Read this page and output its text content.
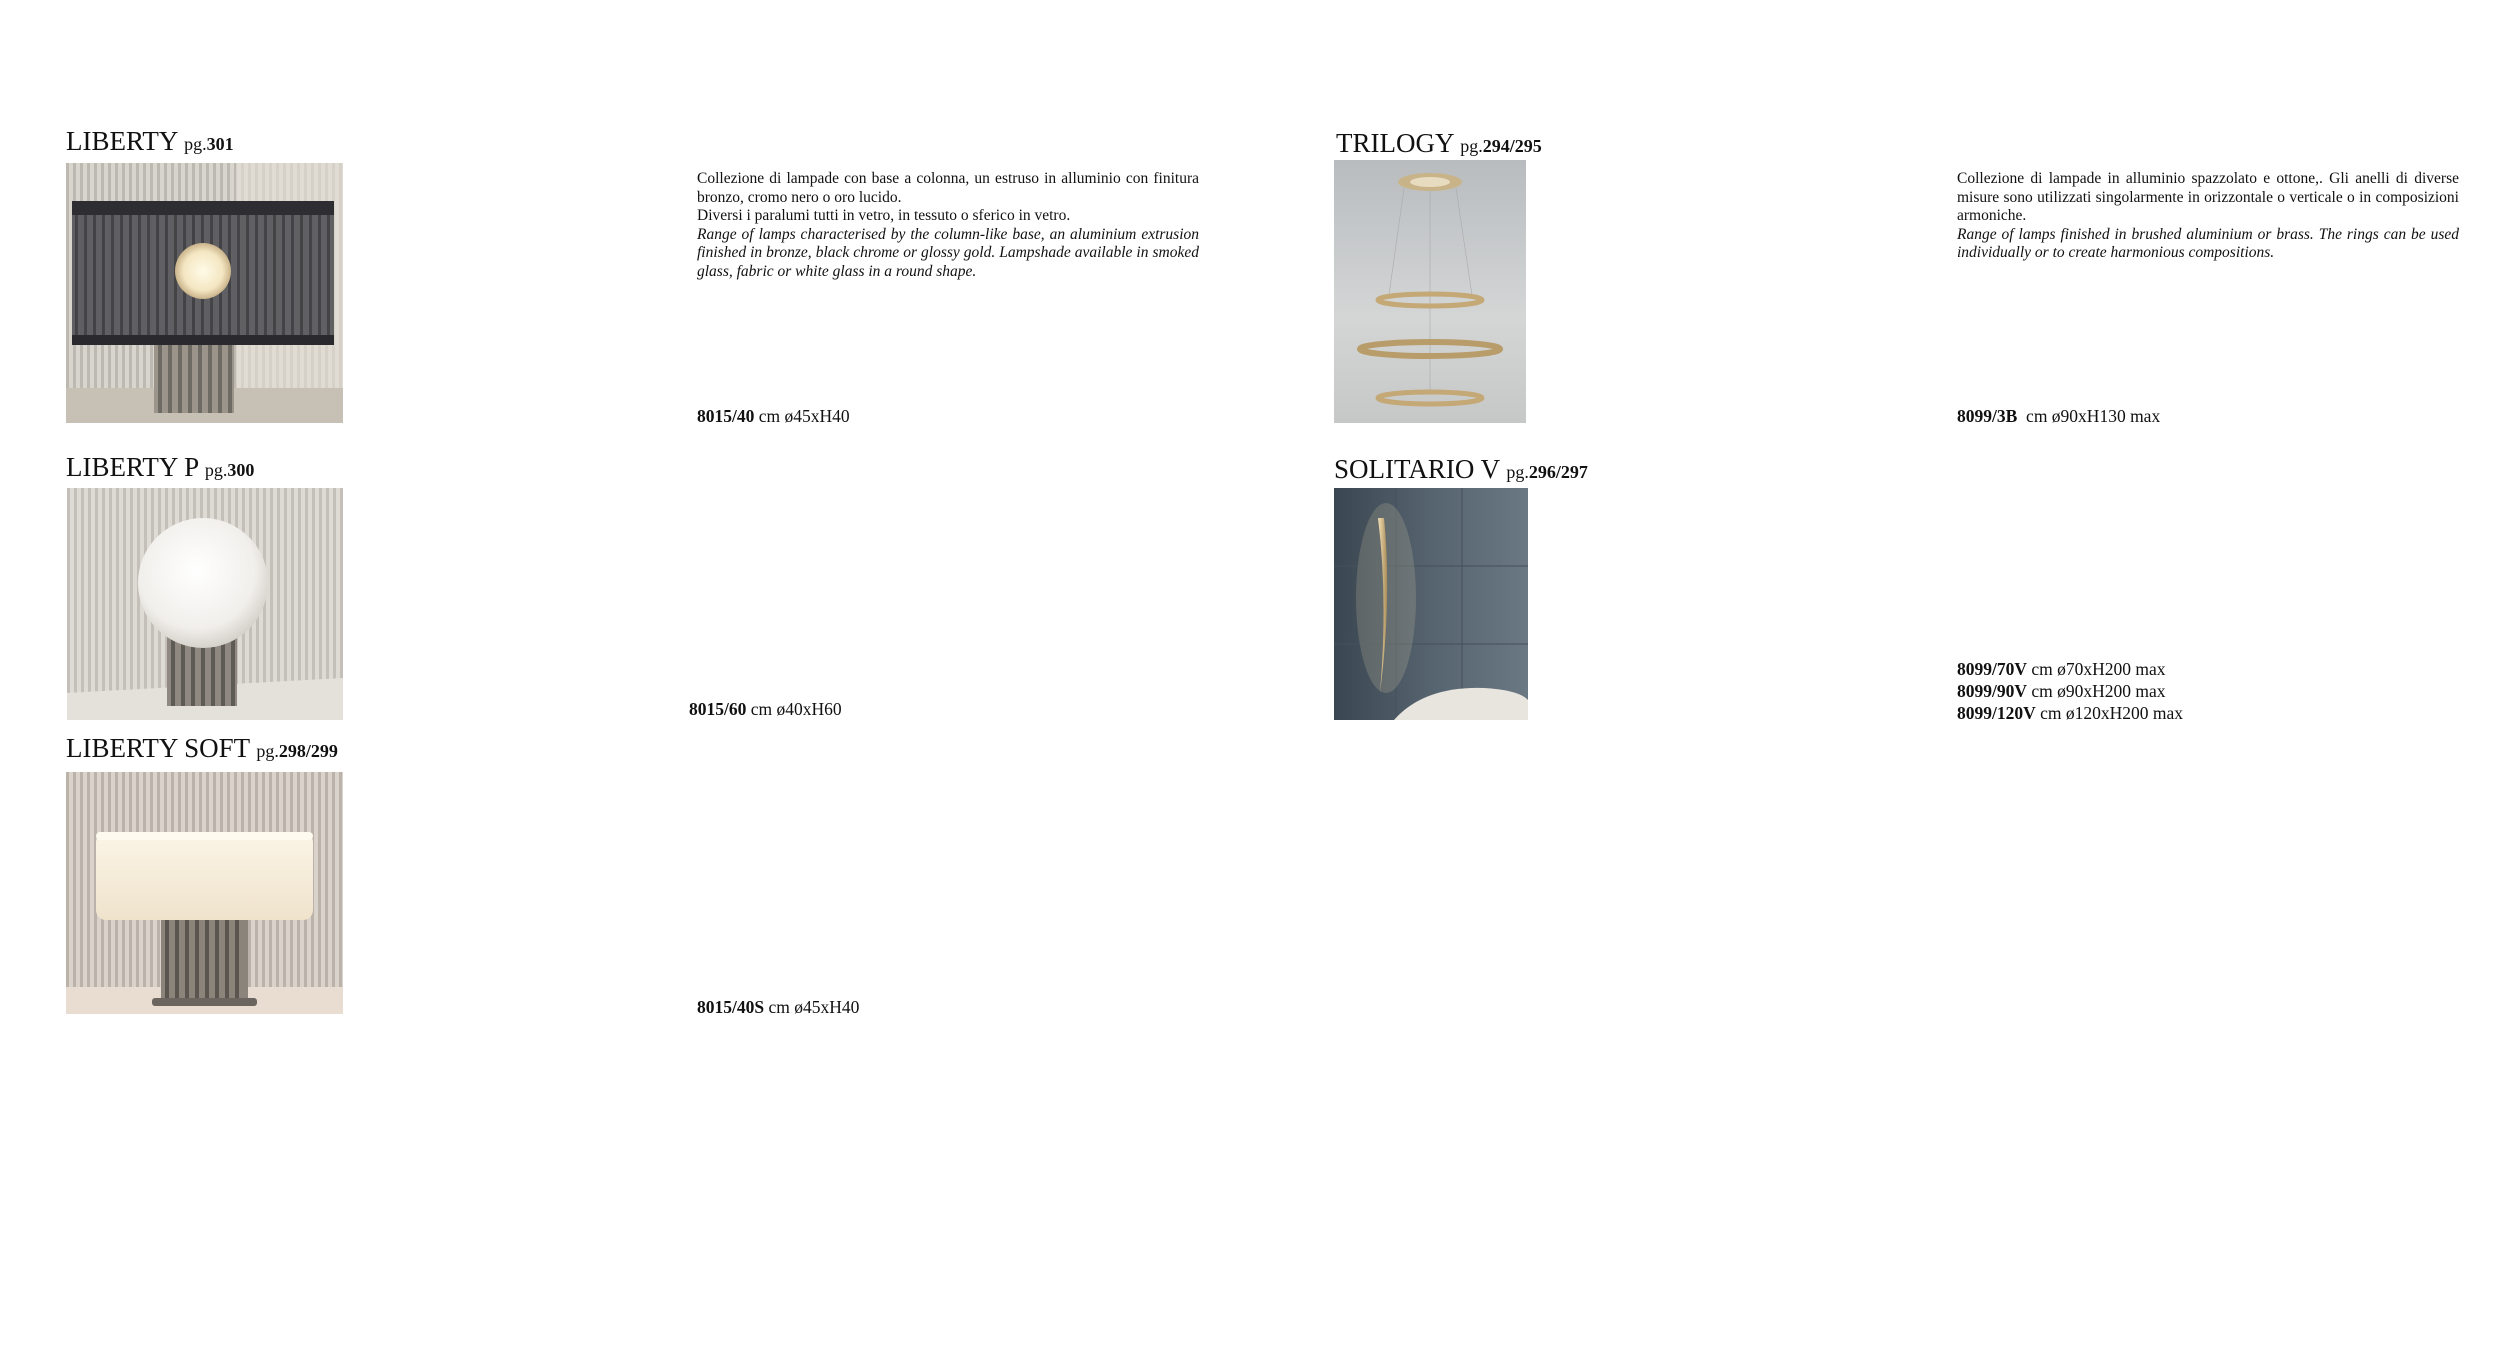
LIBERTY pg.301

Collezione di lampade con base a colonna, un estruso in alluminio con finitura bronzo, cromo nero o oro lucido.

Diversi i paralumi tutti in vetro, in tessuto o sferico in vetro.

Range of lamps characterised by the column-like base, an aluminium extrusion finished in bronze, black chrome or glossy gold. Lampshade available in smoked glass, fabric or white glass in a round shape.

8015/40 cm ø45xH40
LIBERTY P pg.300
8015/60 cm ø40xH60
LIBERTY SOFT pg.298/299
8015/40S cm ø45xH40
TRILOGY pg.294/295

Collezione di lampade in alluminio spazzolato e ottone,. Gli anelli di diverse misure sono utilizzati singolarmente in orizzontale o verticale o in composizioni armoniche.

Range of lamps finished in brushed aluminium or brass. The rings can be used individually or to create harmonious compositions.

8099/3B  cm ø90xH130 max
SOLITARIO V pg.296/297
8099/70V cm ø70xH200 max
8099/90V cm ø90xH200 max
8099/120V cm ø120xH200 max
